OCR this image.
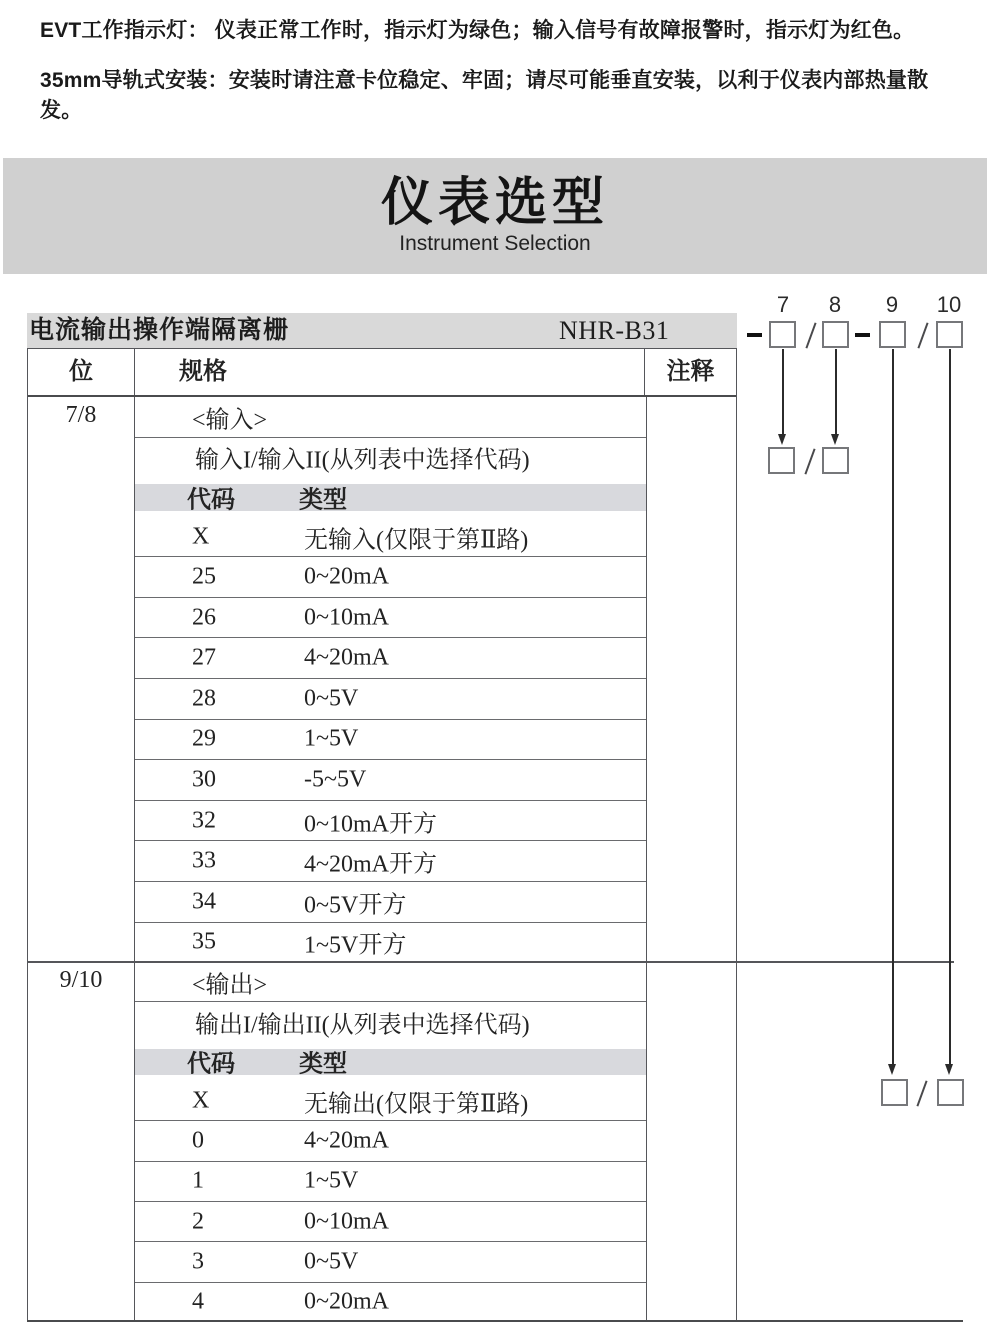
EVT工作指示灯： 仪表正常工作时，指示灯为绿色；输入信号有故障报警时，指示灯为红色。

35mm导轨式安装：安装时请注意卡位稳定、牢固；请尽可能垂直安装，以利于仪表内部热量散发。

仪表选型
Instrument Selection
电流输出操作端隔离栅	NHR-B31
位	规格	注释
7/8	<输入>
输入I/输入II(从列表中选择代码)
代码	类型
X	无输入(仅限于第Ⅱ路)
25	0~20mA
26	0~10mA
27	4~20mA
28	0~5V
29	1~5V
30	-5~5V
32	0~10mA开方
33	4~20mA开方
34	0~5V开方
35	1~5V开方
9/10	<输出>
输出I/输出II(从列表中选择代码)
代码	类型
X	无输出(仅限于第Ⅱ路)
0	4~20mA
1	1~5V
2	0~10mA
3	0~5V
4	0~20mA
7	8	9	10
